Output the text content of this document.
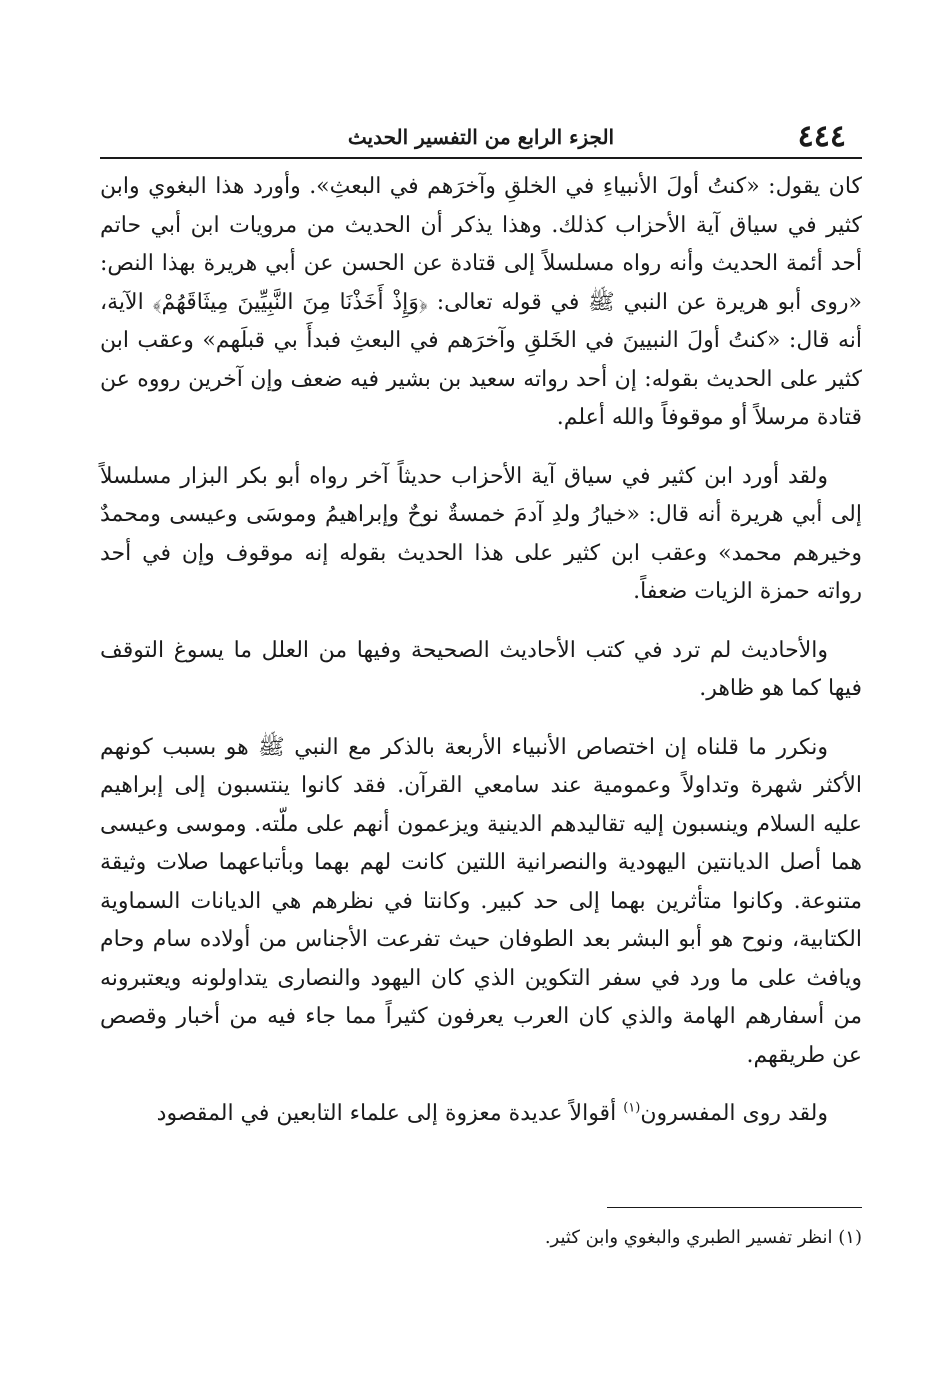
٤٤٤
الجزء الرابع من التفسير الحديث

كان يقول: «كنتُ أولَ الأنبياءِ في الخلقِ وآخرَهم في البعثِ». وأورد هذا البغوي وابن كثير في سياق آية الأحزاب كذلك. وهذا يذكر أن الحديث من مرويات ابن أبي حاتم أحد أئمة الحديث وأنه رواه مسلسلاً إلى قتادة عن الحسن عن أبي هريرة بهذا النص: «روى أبو هريرة عن النبي ﷺ في قوله تعالى: ﴿وَإِذْ أَخَذْنَا مِنَ النَّبِيِّينَ مِيثَاقَهُمْ﴾ الآية، أنه قال: «كنتُ أولَ النبيينَ في الخَلقِ وآخرَهم في البعثِ فبدأَ بي قبلَهم» وعقب ابن كثير على الحديث بقوله: إن أحد رواته سعيد بن بشير فيه ضعف وإن آخرين رووه عن قتادة مرسلاً أو موقوفاً والله أعلم.

ولقد أورد ابن كثير في سياق آية الأحزاب حديثاً آخر رواه أبو بكر البزار مسلسلاً إلى أبي هريرة أنه قال: «خيارُ ولدِ آدمَ خمسةٌ نوحٌ وإبراهيمُ وموسَى وعيسى ومحمدٌ وخيرهم محمد» وعقب ابن كثير على هذا الحديث بقوله إنه موقوف وإن في أحد رواته حمزة الزيات ضعفاً.

والأحاديث لم ترد في كتب الأحاديث الصحيحة وفيها من العلل ما يسوغ التوقف فيها كما هو ظاهر.

ونكرر ما قلناه إن اختصاص الأنبياء الأربعة بالذكر مع النبي ﷺ هو بسبب كونهم الأكثر شهرة وتداولاً وعمومية عند سامعي القرآن. فقد كانوا ينتسبون إلى إبراهيم عليه السلام وينسبون إليه تقاليدهم الدينية ويزعمون أنهم على ملّته. وموسى وعيسى هما أصل الديانتين اليهودية والنصرانية اللتين كانت لهم بهما وبأتباعهما صلات وثيقة متنوعة. وكانوا متأثرين بهما إلى حد كبير. وكانتا في نظرهم هي الديانات السماوية الكتابية، ونوح هو أبو البشر بعد الطوفان حيث تفرعت الأجناس من أولاده سام وحام ويافث على ما ورد في سفر التكوين الذي كان اليهود والنصارى يتداولونه ويعتبرونه من أسفارهم الهامة والذي كان العرب يعرفون كثيراً مما جاء فيه من أخبار وقصص عن طريقهم.

ولقد روى المفسرون$^{(١)}$ أقوالاً عديدة معزوة إلى علماء التابعين في المقصود

(١) انظر تفسير الطبري والبغوي وابن كثير.
